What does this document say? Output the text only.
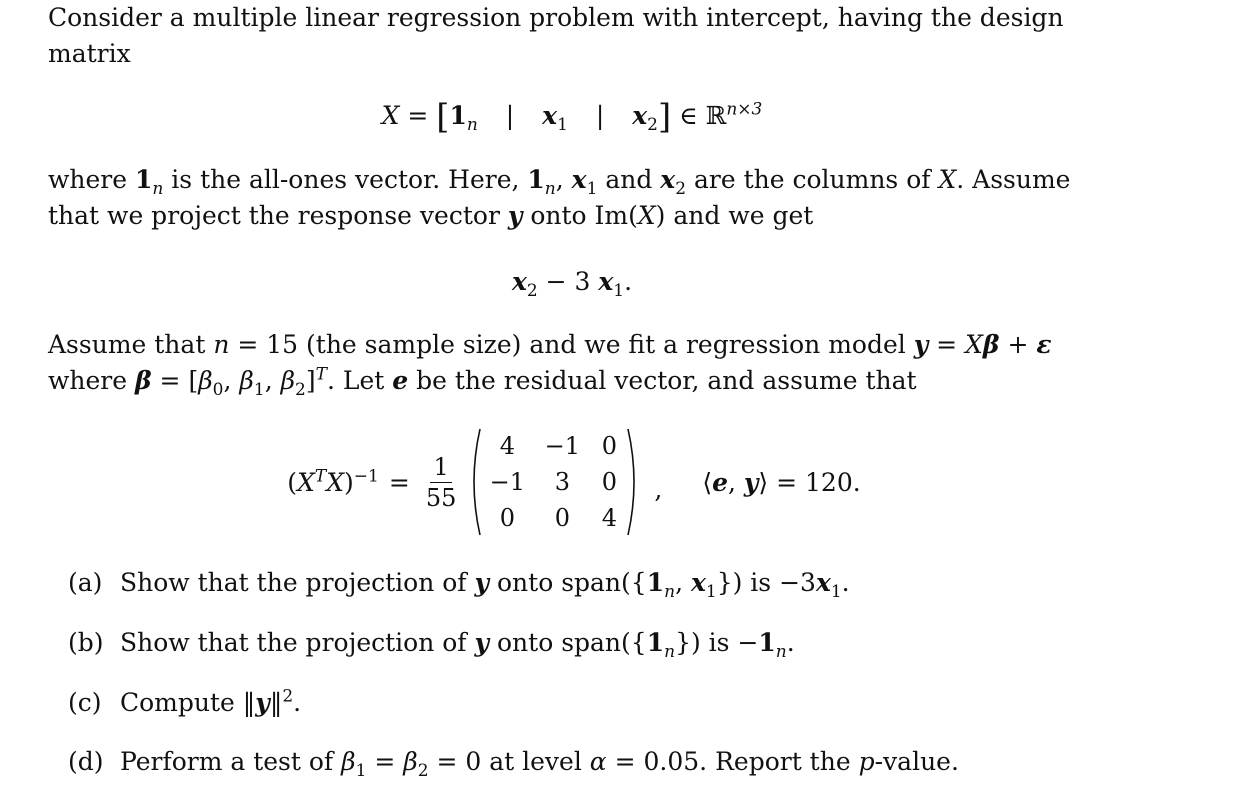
Consider a multiple linear regression problem with intercept, having the design
matrix
$X = [1_n$ | $x_1$ | $x_2$] ∈ ℝ$^{n\times 3}$
where $1_n$ is the all-ones vector. Here, $1_n$, $x_1$ and $x_2$ are the columns of X. Assume
that we project the response vector y onto Im(X) and we get
$x_2 - 3$ $x_1$.
Assume that n = 15 (the sample size) and we fit a regression model y = Xβ + ε
where $\beta = [\beta_0$, $\beta_1$, $\beta_2]^T$. Let e be the residual vector, and assume that
$(X^TX)^{-1} = \frac{1}{55}$
4	−1 0
−1	3	0
0	0	4
, ⟨e, y⟩ = 120.
(a) Show that the projection of y onto $span(\{1_n$, $x_1$}) is $-3x_1$.
(b) Show that the projection of y onto $span(\{1_n\})$ is $-1_n$.
(c) Compute ‖y‖$^2$.
(d) Perform a test of $\beta_1 = \beta_2 = 0$ at level α = 0.05. Report the p-value.
